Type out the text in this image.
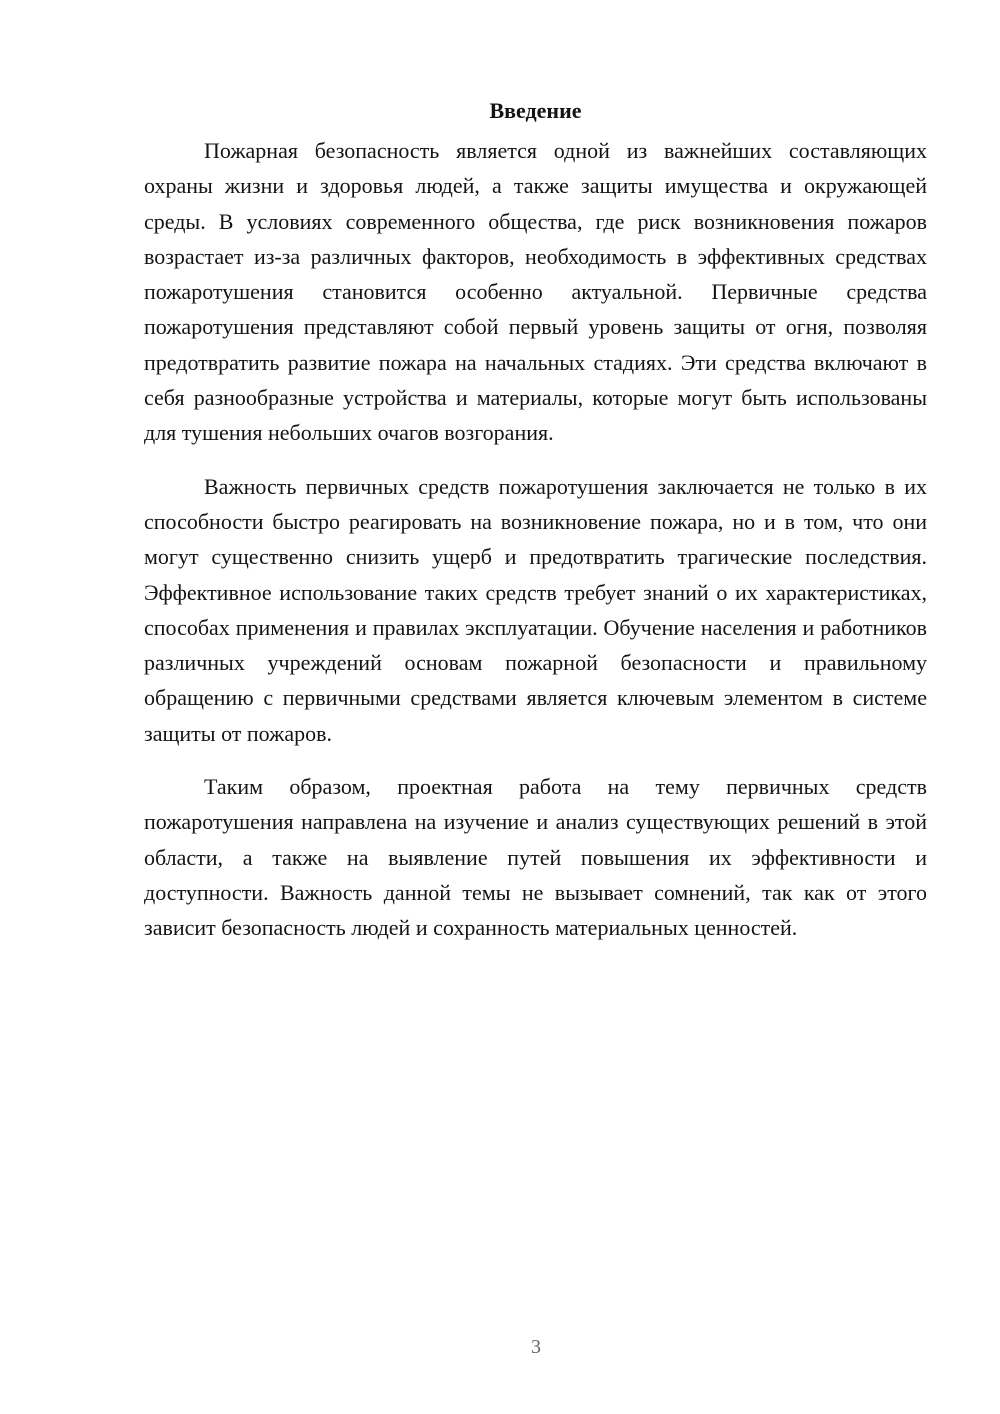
Введение

Пожарная безопасность является одной из важнейших составляющих охраны жизни и здоровья людей, а также защиты имущества и окружающей среды. В условиях современного общества, где риск возникновения пожаров возрастает из-за различных факторов, необходимость в эффективных средствах пожаротушения становится особенно актуальной. Первичные средства пожаротушения представляют собой первый уровень защиты от огня, позволяя предотвратить развитие пожара на начальных стадиях. Эти средства включают в себя разнообразные устройства и материалы, которые могут быть использованы для тушения небольших очагов возгорания.

Важность первичных средств пожаротушения заключается не только в их способности быстро реагировать на возникновение пожара, но и в том, что они могут существенно снизить ущерб и предотвратить трагические последствия. Эффективное использование таких средств требует знаний о их характеристиках, способах применения и правилах эксплуатации. Обучение населения и работников различных учреждений основам пожарной безопасности и правильному обращению с первичными средствами является ключевым элементом в системе защиты от пожаров.

Таким образом, проектная работа на тему первичных средств пожаротушения направлена на изучение и анализ существующих решений в этой области, а также на выявление путей повышения их эффективности и доступности. Важность данной темы не вызывает сомнений, так как от этого зависит безопасность людей и сохранность материальных ценностей.

3
